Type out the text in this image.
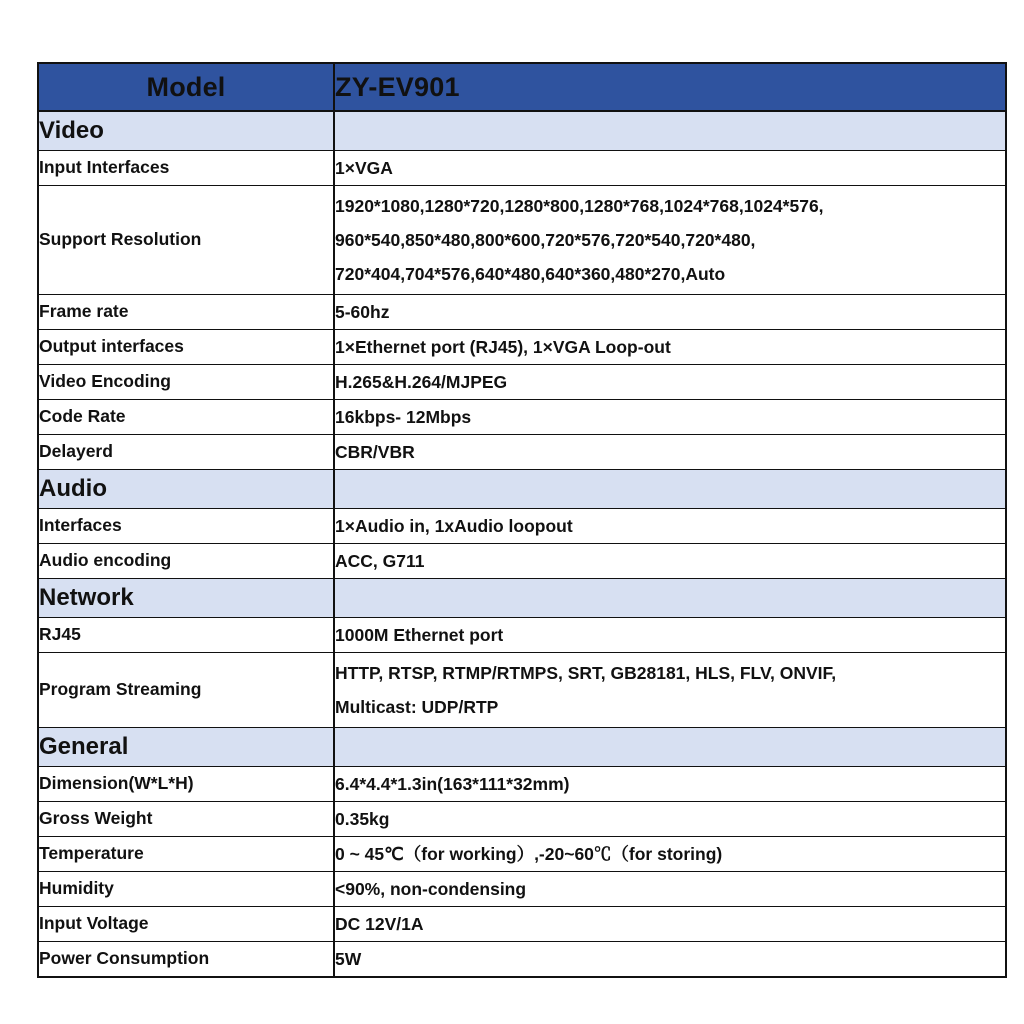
Model	ZY-EV901
Video	
Input Interfaces	1×VGA

Support Resolution	1920*1080,1280*720,1280*800,1280*768,1024*768,1024*576,
960*540,850*480,800*600,720*576,720*540,720*480,
720*404,704*576,640*480,640*360,480*270,Auto

Frame rate	5-60hz

Output interfaces	1×Ethernet port (RJ45), 1×VGA Loop-out

Video Encoding	H.265&H.264/MJPEG

Code Rate	16kbps- 12Mbps

Delayerd	CBR/VBR

Audio	
Interfaces	1×Audio in, 1xAudio loopout

Audio encoding	ACC, G711

Network	
RJ45	1000M Ethernet port

Program Streaming	HTTP, RTSP, RTMP/RTMPS, SRT, GB28181, HLS, FLV, ONVIF,
Multicast: UDP/RTP

General	
Dimension(W*L*H)	6.4*4.4*1.3in(163*111*32mm)

Gross Weight	0.35kg

Temperature	0 ~ 45℃（for working）,-20~60℃（for storing)

Humidity	<90%, non-condensing

Input Voltage	DC 12V/1A

Power Consumption	5W
